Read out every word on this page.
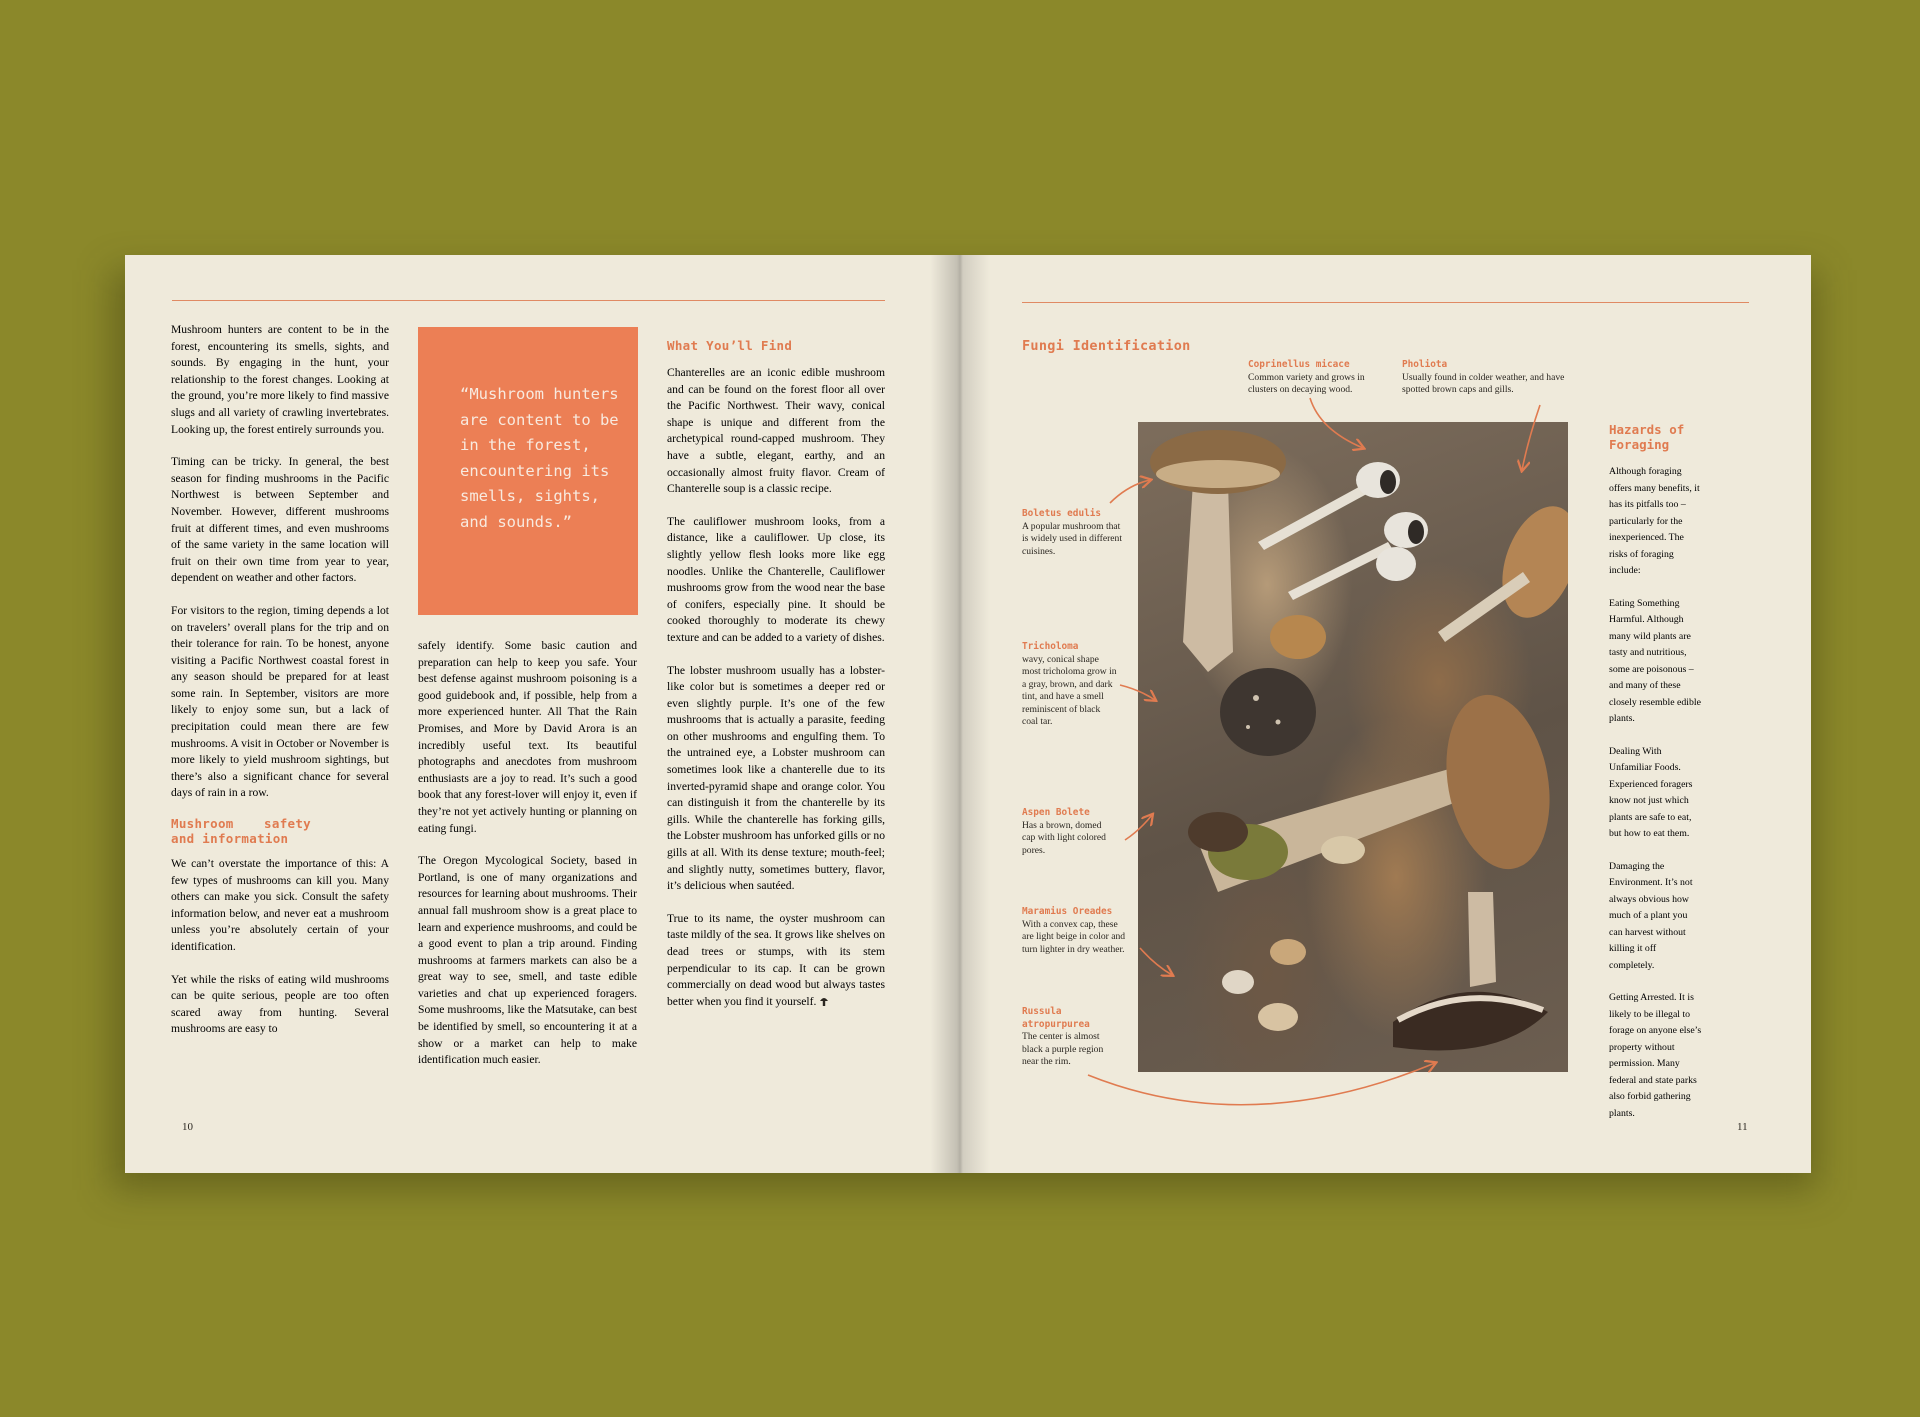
Mushroom hunters are content to be in the forest, encountering its smells, sights, and sounds. By engaging in the hunt, your relationship to the forest changes. Looking at the ground, you’re more likely to find massive slugs and all variety of crawling invertebrates. Looking up, the forest entirely surrounds you.

Timing can be tricky. In general, the best season for finding mushrooms in the Pacific Northwest is between September and November. However, different mushrooms fruit at different times, and even mushrooms of the same variety in the same location will fruit on their own time from year to year, dependent on weather and other factors.

For visitors to the region, timing depends a lot on travelers’ overall plans for the trip and on their tolerance for rain. To be honest, anyone visiting a Pacific Northwest coastal forest in any season should be prepared for at least some rain. In September, visitors are more likely to enjoy some sun, but a lack of precipitation could mean there are few mushrooms. A visit in October or November is more likely to yield mushroom sightings, but there’s also a significant chance for several days of rain in a row.

Mushroom safety and information

We can’t overstate the importance of this: A few types of mushrooms can kill you. Many others can make you sick. Consult the safety information below, and never eat a mushroom unless you’re absolutely certain of your identification.

Yet while the risks of eating wild mushrooms can be quite serious, people are too often scared away from hunting. Several mushrooms are easy to

“Mushroom hunters are content to be in the forest, encountering its smells, sights, and sounds.”

safely identify. Some basic caution and preparation can help to keep you safe. Your best defense against mushroom poisoning is a good guidebook and, if possible, help from a more experienced hunter. All That the Rain Promises, and More by David Arora is an incredibly useful text. Its beautiful photographs and anecdotes from mushroom enthusiasts are a joy to read. It’s such a good book that any forest-lover will enjoy it, even if they’re not yet actively hunting or planning on eating fungi.

The Oregon Mycological Society, based in Portland, is one of many organizations and resources for learning about mushrooms. Their annual fall mushroom show is a great place to learn and experience mushrooms, and could be a good event to plan a trip around. Finding mushrooms at farmers markets can also be a great way to see, smell, and taste edible varieties and chat up experienced foragers. Some mushrooms, like the Matsutake, can best be identified by smell, so encountering it at a show or a market can help to make identification much easier.

What You’ll Find

Chanterelles are an iconic edible mushroom and can be found on the forest floor all over the Pacific Northwest. Their wavy, conical shape is unique and different from the archetypical round-capped mushroom. They have a subtle, elegant, earthy, and an occasionally almost fruity flavor. Cream of Chanterelle soup is a classic recipe.

The cauliflower mushroom looks, from a distance, like a cauliflower. Up close, its slightly yellow flesh looks more like egg noodles. Unlike the Chanterelle, Cauliflower mushrooms grow from the wood near the base of conifers, especially pine. It should be cooked thoroughly to moderate its chewy texture and can be added to a variety of dishes.

The lobster mushroom usually has a lobster-like color but is sometimes a deeper red or even slightly purple. It’s one of the few mushrooms that is actually a parasite, feeding on other mushrooms and engulfing them. To the untrained eye, a Lobster mushroom can sometimes look like a chanterelle due to its inverted-pyramid shape and orange color. You can distinguish it from the chanterelle by its gills. While the chanterelle has forking gills, the Lobster mushroom has unforked gills or no gills at all. With its dense texture; mouth-feel; and slightly nutty, sometimes buttery, flavor, it’s delicious when sautéed.

True to its name, the oyster mushroom can taste mildly of the sea. It grows like shelves on dead trees or stumps, with its stem perpendicular to its cap. It can be grown commercially on dead wood but always tastes better when you find it yourself.

10
Fungi Identification
Coprinellus micace
Common variety and grows in clusters on decaying wood.
Pholiota
Usually found in colder weather, and have spotted brown caps and gills.
Boletus edulis
A popular mushroom that is widely used in different cuisines.
Tricholoma
wavy, conical shape most tricholoma grow in a gray, brown, and dark tint, and have a smell reminiscent of black coal tar.
Aspen Bolete
Has a brown, domed cap with light colored pores.
Maramius Oreades
With a convex cap, these are light beige in color and turn lighter in dry weather.
Russula atropurpurea
The center is almost black a purple region near the rim.
Hazards of Foraging

Although foraging offers many benefits, it has its pitfalls too – particularly for the inexperienced. The risks of foraging include:

Eating Something Harmful. Although many wild plants are tasty and nutritious, some are poisonous – and many of these closely resemble edible plants.

Dealing With Unfamiliar Foods. Experienced foragers know not just which plants are safe to eat, but how to eat them.

Damaging the Environment. It’s not always obvious how much of a plant you can harvest without killing it off completely.

Getting Arrested. It is likely to be illegal to forage on anyone else’s property without permission. Many federal and state parks also forbid gathering plants.

11
